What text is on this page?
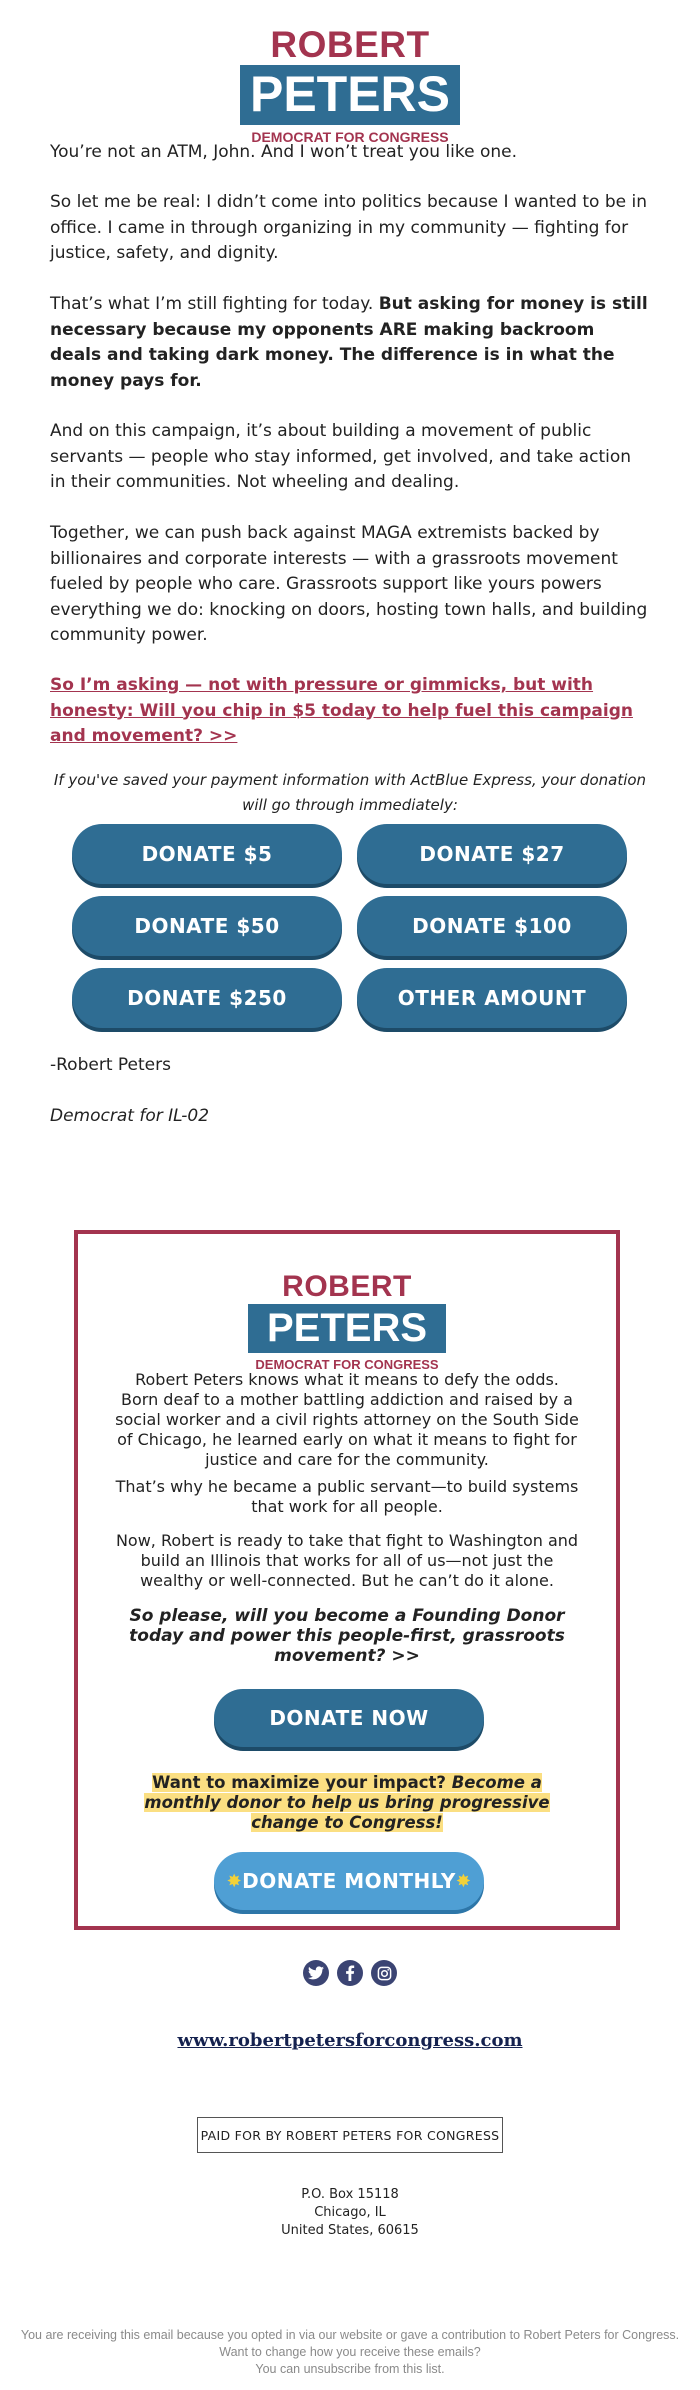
ROBERT
PETERS
DEMOCRAT FOR CONGRESS

You’re not an ATM, John. And I won’t treat you like one.

So let me be real: I didn’t come into politics because I wanted to be in office. I came in through organizing in my community — fighting for justice, safety, and dignity.

That’s what I’m still fighting for today. But asking for money is still necessary because my opponents ARE making backroom deals and taking dark money. The difference is in what the money pays for.

And on this campaign, it’s about building a movement of public servants — people who stay informed, get involved, and take action in their communities. Not wheeling and dealing.

Together, we can push back against MAGA extremists backed by billionaires and corporate interests — with a grassroots movement fueled by people who care. Grassroots support like yours powers everything we do: knocking on doors, hosting town halls, and building community power.

So I’m asking — not with pressure or gimmicks, but with honesty: Will you chip in $5 today to help fuel this campaign and movement? >>
If you've saved your payment information with ActBlue Express, your donation will go through immediately:
DONATE $5	DONATE $27
DONATE $50	DONATE $100
DONATE $250	OTHER AMOUNT
-Robert Peters
Democrat for IL-02
ROBERT
PETERS
DEMOCRAT FOR CONGRESS

Robert Peters knows what it means to defy the odds. Born deaf to a mother battling addiction and raised by a social worker and a civil rights attorney on the South Side of Chicago, he learned early on what it means to fight for justice and care for the community.

That’s why he became a public servant—to build systems that work for all people.

Now, Robert is ready to take that fight to Washington and build an Illinois that works for all of us—not just the wealthy or well-connected. But he can’t do it alone.

So please, will you become a Founding Donor today and power this people-first, grassroots movement? >>

DONATE NOW

Want to maximize your impact? Become a monthly donor to help us bring progressive change to Congress!

✸ DONATE MONTHLY ✸
www.robertpetersforcongress.com
PAID FOR BY ROBERT PETERS FOR CONGRESS
P.O. Box 15118
Chicago, IL
United States, 60615
You are receiving this email because you opted in via our website or gave a contribution to Robert Peters for Congress. Want to change how you receive these emails?
You can unsubscribe from this list.
